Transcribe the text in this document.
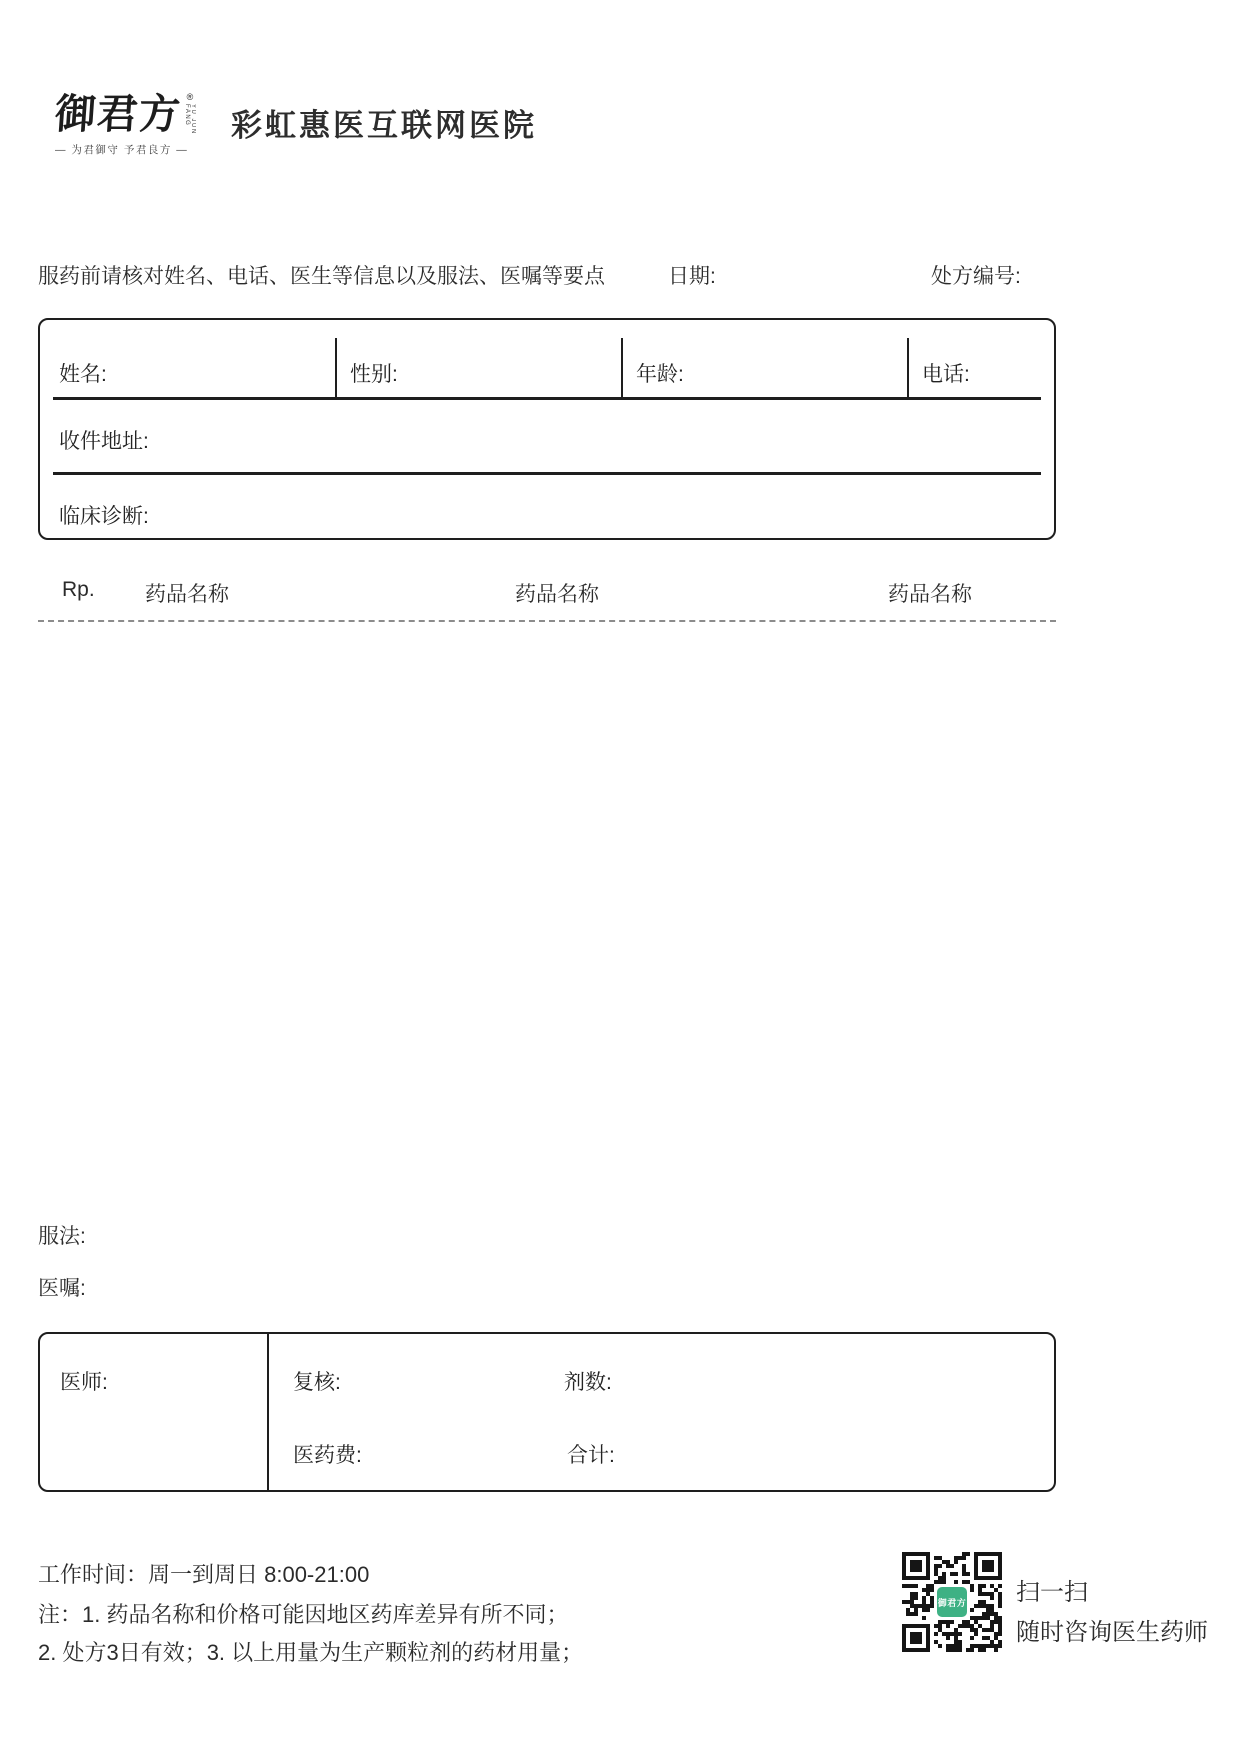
御君方 ®
YU JUN FANG
— 为君御守 予君良方 —
彩虹惠医互联网医院
服药前请核对姓名、电话、医生等信息以及服法、医嘱等要点	日期:	处方编号:
姓名:	性别:	年龄:	电话:
收件地址:
临床诊断:
Rp. 药品名称	药品名称	药品名称
服法:
医嘱:
医师:	复核:	剂数:
医药费:	合计:
工作时间：周一到周日 8:00-21:00
注：1. 药品名称和价格可能因地区药库差异有所不同；
2. 处方3日有效；3. 以上用量为生产颗粒剂的药材用量；
御君方 扫一扫
随时咨询医生药师
